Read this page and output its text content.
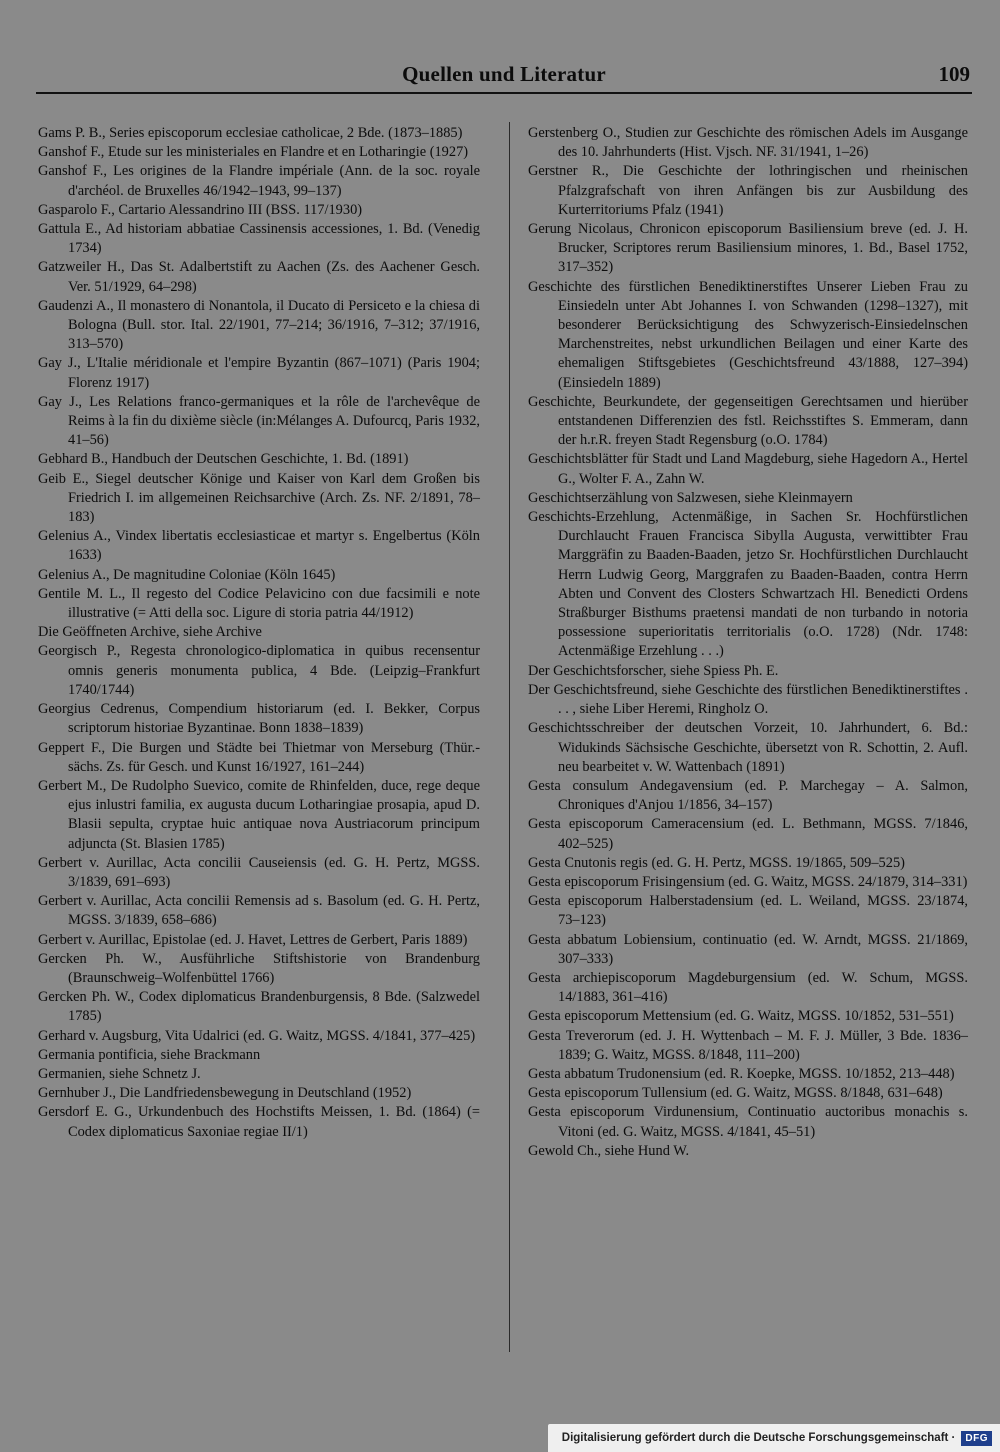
Quellen und Literatur	109

Gams P. B., Series episcoporum ecclesiae catholicae, 2 Bde. (1873–1885)

Ganshof F., Etude sur les ministeriales en Flandre et en Lotharingie (1927)

Ganshof F., Les origines de la Flandre impériale (Ann. de la soc. royale d'archéol. de Bruxelles 46/1942–1943, 99–137)

Gasparolo F., Cartario Alessandrino III (BSS. 117/1930)

Gattula E., Ad historiam abbatiae Cassinensis accessiones, 1. Bd. (Venedig 1734)

Gatzweiler H., Das St. Adalbertstift zu Aachen (Zs. des Aachener Gesch. Ver. 51/1929, 64–298)

Gaudenzi A., Il monastero di Nonantola, il Ducato di Persiceto e la chiesa di Bologna (Bull. stor. Ital. 22/1901, 77–214; 36/1916, 7–312; 37/1916, 313–570)

Gay J., L'Italie méridionale et l'empire Byzantin (867–1071) (Paris 1904; Florenz 1917)

Gay J., Les Relations franco-germaniques et la rôle de l'archevêque de Reims à la fin du dixième siècle (in:Mélanges A. Dufourcq, Paris 1932, 41–56)

Gebhard B., Handbuch der Deutschen Geschichte, 1. Bd. (1891)

Geib E., Siegel deutscher Könige und Kaiser von Karl dem Großen bis Friedrich I. im allgemeinen Reichsarchive (Arch. Zs. NF. 2/1891, 78–183)

Gelenius A., Vindex libertatis ecclesiasticae et martyr s. Engelbertus (Köln 1633)

Gelenius A., De magnitudine Coloniae (Köln 1645)

Gentile M. L., Il regesto del Codice Pelavicino con due facsimili e note illustrative (= Atti della soc. Ligure di storia patria 44/1912)

Die Geöffneten Archive, siehe Archive

Georgisch P., Regesta chronologico-diplomatica in quibus recensentur omnis generis monumenta publica, 4 Bde. (Leipzig–Frankfurt 1740/1744)

Georgius Cedrenus, Compendium historiarum (ed. I. Bekker, Corpus scriptorum historiae Byzantinae. Bonn 1838–1839)

Geppert F., Die Burgen und Städte bei Thietmar von Merseburg (Thür.-sächs. Zs. für Gesch. und Kunst 16/1927, 161–244)

Gerbert M., De Rudolpho Suevico, comite de Rhinfelden, duce, rege deque ejus inlustri familia, ex augusta ducum Lotharingiae prosapia, apud D. Blasii sepulta, cryptae huic antiquae nova Austriacorum principum adjuncta (St. Blasien 1785)

Gerbert v. Aurillac, Acta concilii Causeiensis (ed. G. H. Pertz, MGSS. 3/1839, 691–693)

Gerbert v. Aurillac, Acta concilii Remensis ad s. Basolum (ed. G. H. Pertz, MGSS. 3/1839, 658–686)

Gerbert v. Aurillac, Epistolae (ed. J. Havet, Lettres de Gerbert, Paris 1889)

Gercken Ph. W., Ausführliche Stiftshistorie von Brandenburg (Braunschweig–Wolfenbüttel 1766)

Gercken Ph. W., Codex diplomaticus Brandenburgensis, 8 Bde. (Salzwedel 1785)

Gerhard v. Augsburg, Vita Udalrici (ed. G. Waitz, MGSS. 4/1841, 377–425)

Germania pontificia, siehe Brackmann

Germanien, siehe Schnetz J.

Gernhuber J., Die Landfriedensbewegung in Deutschland (1952)

Gersdorf E. G., Urkundenbuch des Hochstifts Meissen, 1. Bd. (1864) (= Codex diplomaticus Saxoniae regiae II/1)

Gerstenberg O., Studien zur Geschichte des römischen Adels im Ausgange des 10. Jahrhunderts (Hist. Vjsch. NF. 31/1941, 1–26)

Gerstner R., Die Geschichte der lothringischen und rheinischen Pfalzgrafschaft von ihren Anfängen bis zur Ausbildung des Kurterritoriums Pfalz (1941)

Gerung Nicolaus, Chronicon episcoporum Basiliensium breve (ed. J. H. Brucker, Scriptores rerum Basiliensium minores, 1. Bd., Basel 1752, 317–352)

Geschichte des fürstlichen Benediktinerstiftes Unserer Lieben Frau zu Einsiedeln unter Abt Johannes I. von Schwanden (1298–1327), mit besonderer Berücksichtigung des Schwyzerisch-Einsiedelnschen Marchenstreites, nebst urkundlichen Beilagen und einer Karte des ehemaligen Stiftsgebietes (Geschichtsfreund 43/1888, 127–394) (Einsiedeln 1889)

Geschichte, Beurkundete, der gegenseitigen Gerechtsamen und hierüber entstandenen Differenzien des fstl. Reichsstiftes S. Emmeram, dann der h.r.R. freyen Stadt Regensburg (o.O. 1784)

Geschichtsblätter für Stadt und Land Magdeburg, siehe Hagedorn A., Hertel G., Wolter F. A., Zahn W.

Geschichtserzählung von Salzwesen, siehe Kleinmayern

Geschichts-Erzehlung, Actenmäßige, in Sachen Sr. Hochfürstlichen Durchlaucht Frauen Francisca Sibylla Augusta, verwittibter Frau Marggräfin zu Baaden-Baaden, jetzo Sr. Hochfürstlichen Durchlaucht Herrn Ludwig Georg, Marggrafen zu Baaden-Baaden, contra Herrn Abten und Convent des Closters Schwartzach Hl. Benedicti Ordens Straßburger Bisthums praetensi mandati de non turbando in notoria possessione superioritatis territorialis (o.O. 1728) (Ndr. 1748: Actenmäßige Erzehlung . . .)

Der Geschichtsforscher, siehe Spiess Ph. E.

Der Geschichtsfreund, siehe Geschichte des fürstlichen Benediktinerstiftes . . . , siehe Liber Heremi, Ringholz O.

Geschichtsschreiber der deutschen Vorzeit, 10. Jahrhundert, 6. Bd.: Widukinds Sächsische Geschichte, übersetzt von R. Schottin, 2. Aufl. neu bearbeitet v. W. Wattenbach (1891)

Gesta consulum Andegavensium (ed. P. Marchegay – A. Salmon, Chroniques d'Anjou 1/1856, 34–157)

Gesta episcoporum Cameracensium (ed. L. Bethmann, MGSS. 7/1846, 402–525)

Gesta Cnutonis regis (ed. G. H. Pertz, MGSS. 19/1865, 509–525)

Gesta episcoporum Frisingensium (ed. G. Waitz, MGSS. 24/1879, 314–331)

Gesta episcoporum Halberstadensium (ed. L. Weiland, MGSS. 23/1874, 73–123)

Gesta abbatum Lobiensium, continuatio (ed. W. Arndt, MGSS. 21/1869, 307–333)

Gesta archiepiscoporum Magdeburgensium (ed. W. Schum, MGSS. 14/1883, 361–416)

Gesta episcoporum Mettensium (ed. G. Waitz, MGSS. 10/1852, 531–551)

Gesta Treverorum (ed. J. H. Wyttenbach – M. F. J. Müller, 3 Bde. 1836–1839; G. Waitz, MGSS. 8/1848, 111–200)

Gesta abbatum Trudonensium (ed. R. Koepke, MGSS. 10/1852, 213–448)

Gesta episcoporum Tullensium (ed. G. Waitz, MGSS. 8/1848, 631–648)

Gesta episcoporum Virdunensium, Continuatio auctoribus monachis s. Vitoni (ed. G. Waitz, MGSS. 4/1841, 45–51)

Gewold Ch., siehe Hund W.

Digitalisierung gefördert durch die Deutsche Forschungsgemeinschaft ·	DFG
